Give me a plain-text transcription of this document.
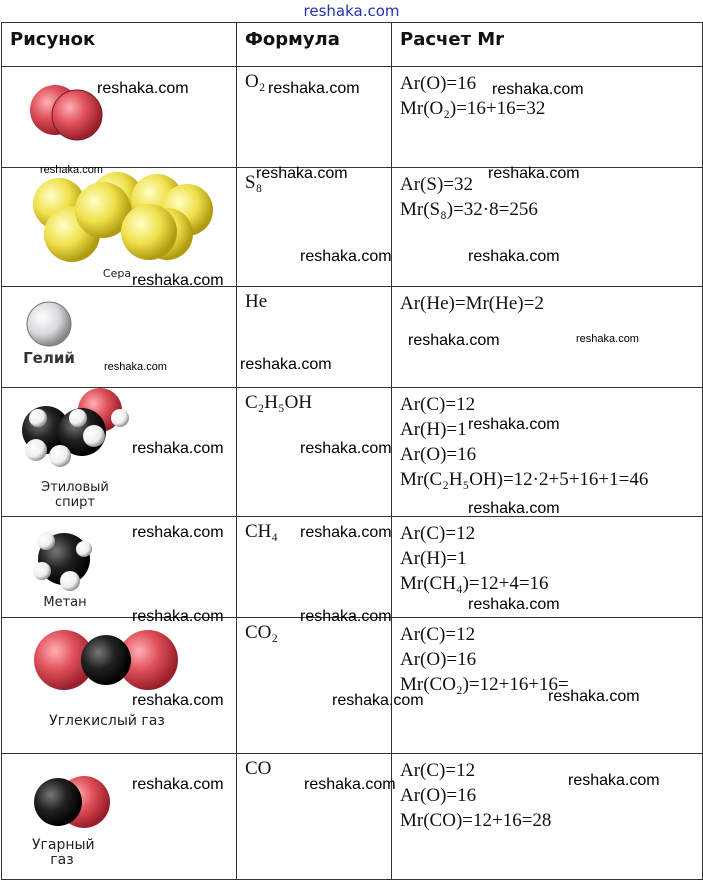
reshaka.com
Рисунок	Формула	Расчет Mr

	O₂	Ar(O)=16
Mr(O₂)=16+16=32

Сера	S₈	Ar(S)=32
Mr(S₈)=32·8=256

Гелий	He	Ar(He)=Mr(He)=2

Этиловый спирт	C₂H₅OH	Ar(C)=12
Ar(H)=1
Ar(O)=16
Mr(C₂H₅OH)=12·2+5+16+1=46

Метан	CH₄	Ar(C)=12
Ar(H)=1
Mr(CH₄)=12+4=16

Углекислый газ	CO₂	Ar(C)=12
Ar(O)=16
Mr(CO₂)=12+16+16=

Угарный газ	CO	Ar(C)=12
Ar(O)=16
Mr(CO)=12+16=28
reshaka.com	reshaka.com	reshaka.com
reshaka.com	reshaka.com	reshaka.com
reshaka.com	reshaka.com
reshaka.com
reshaka.com	reshaka.com
reshaka.com	reshaka.com
reshaka.com
reshaka.com	reshaka.com
reshaka.com
reshaka.com	reshaka.com
reshaka.com
reshaka.com	reshaka.com
reshaka.com	reshaka.com	reshaka.com
reshaka.com	reshaka.com	reshaka.com
